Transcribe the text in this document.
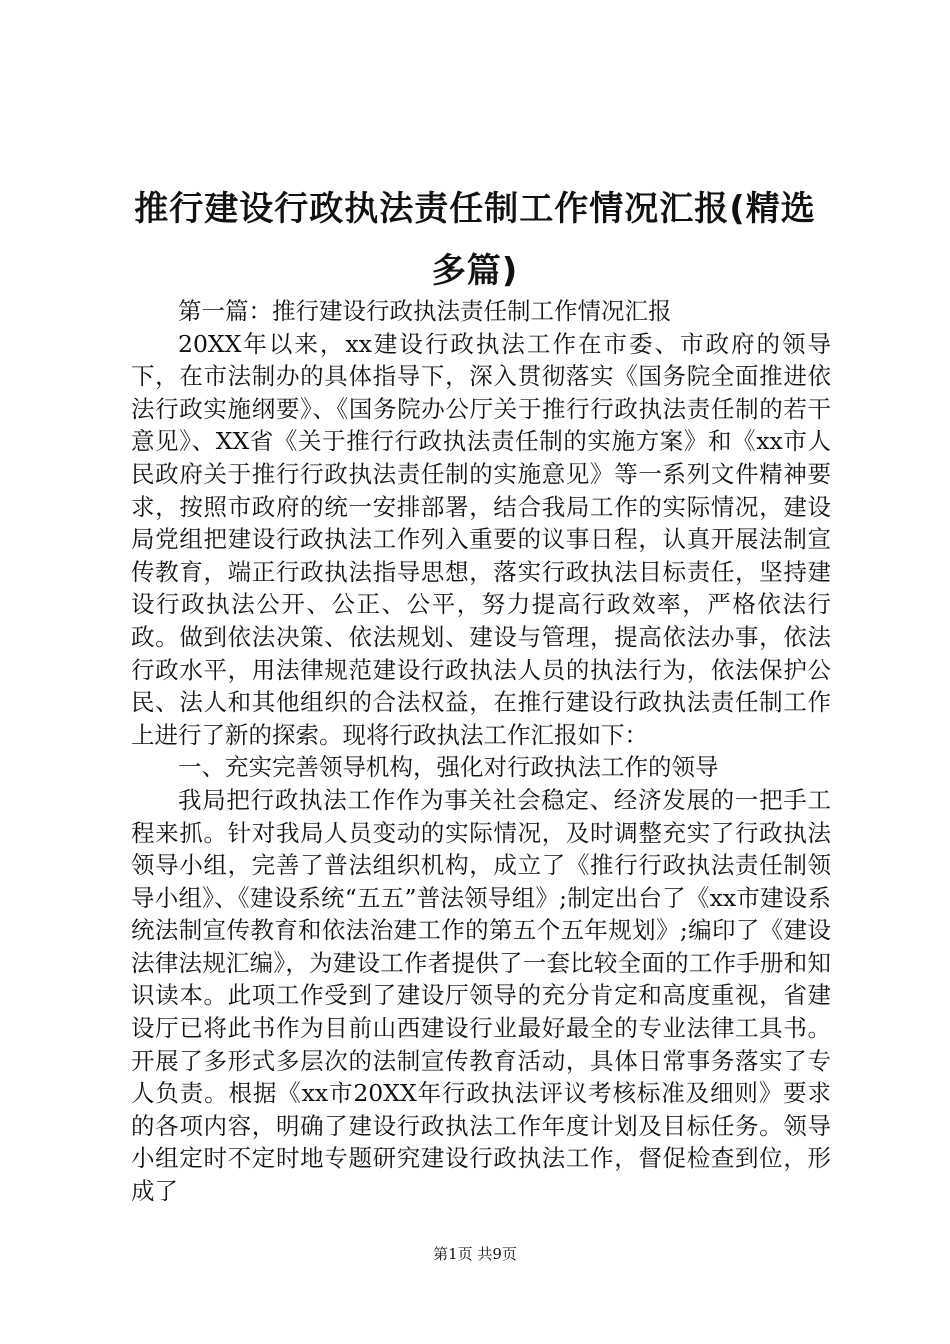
推行建设行政执法责任制工作情况汇报(精选多篇)

第一篇：推行建设行政执法责任制工作情况汇报

20XX年以来，xx建设行政执法工作在市委、市政府的领导下，在市法制办的具体指导下，深入贯彻落实《国务院全面推进依法行政实施纲要》、《国务院办公厅关于推行行政执法责任制的若干意见》、XX省《关于推行行政执法责任制的实施方案》和《xx市人民政府关于推行行政执法责任制的实施意见》等一系列文件精神要求，按照市政府的统一安排部署，结合我局工作的实际情况，建设局党组把建设行政执法工作列入重要的议事日程，认真开展法制宣传教育，端正行政执法指导思想，落实行政执法目标责任，坚持建设行政执法公开、公正、公平，努力提高行政效率，严格依法行政。做到依法决策、依法规划、建设与管理，提高依法办事，依法行政水平，用法律规范建设行政执法人员的执法行为，依法保护公民、法人和其他组织的合法权益，在推行建设行政执法责任制工作上进行了新的探索。现将行政执法工作汇报如下：

一、充实完善领导机构，强化对行政执法工作的领导

我局把行政执法工作作为事关社会稳定、经济发展的一把手工程来抓。针对我局人员变动的实际情况，及时调整充实了行政执法领导小组，完善了普法组织机构，成立了《推行行政执法责任制领导小组》、《建设系统“五五”普法领导组》;制定出台了《xx市建设系统法制宣传教育和依法治建工作的第五个五年规划》;编印了《建设法律法规汇编》，为建设工作者提供了一套比较全面的工作手册和知识读本。此项工作受到了建设厅领导的充分肯定和高度重视，省建设厅已将此书作为目前山西建设行业最好最全的专业法律工具书。开展了多形式多层次的法制宣传教育活动，具体日常事务落实了专人负责。根据《xx市20XX年行政执法评议考核标准及细则》要求的各项内容，明确了建设行政执法工作年度计划及目标任务。领导小组定时不定时地专题研究建设行政执法工作，督促检查到位，形成了

第1页 共9页
